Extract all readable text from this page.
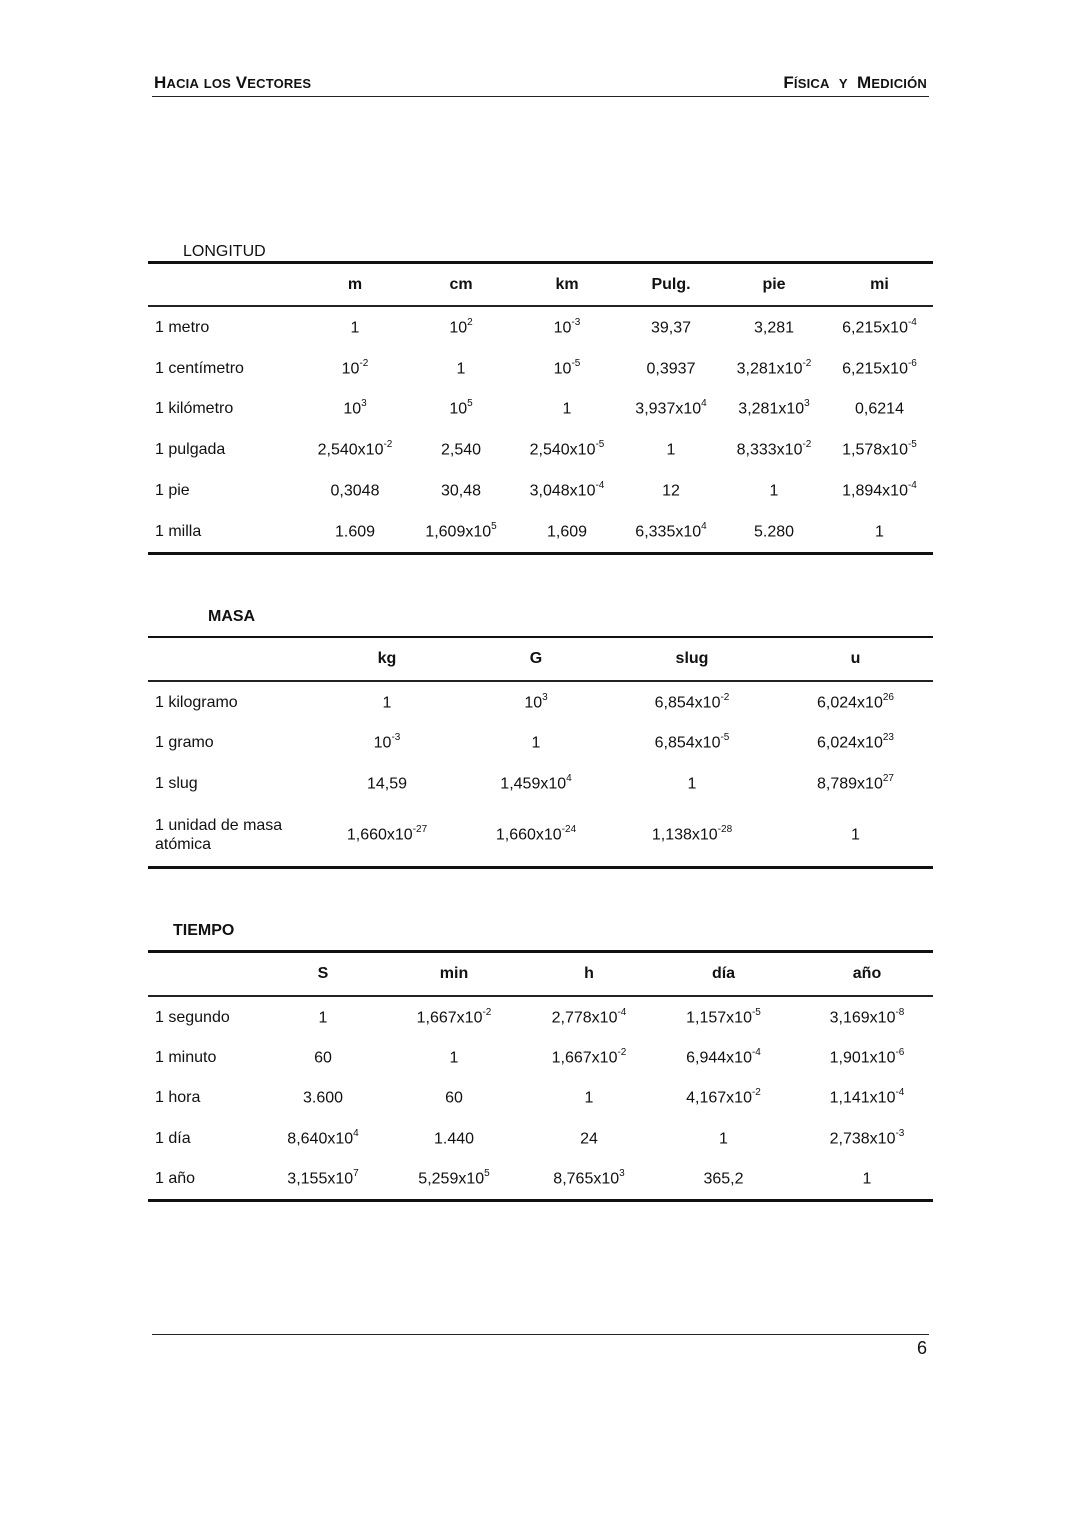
HACIA LOS VECTORES	FÍSICA Y MEDICIÓN
LONGITUD
	m	cm	km	Pulg.	pie	mi
1 metro	1	$10^2$	$10^{-3}$	39,37	3,281	$6,215x10^{-4}$
1 centímetro	$10^{-2}$	1	$10^{-5}$	0,3937	$3,281x10^{-2}$	$6,215x10^{-6}$
1 kilómetro	$10^3$	$10^5$	1	$3,937x10^4$	$3,281x10^3$	0,6214
1 pulgada	$2,540x10^{-2}$	2,540	$2,540x10^{-5}$	1	$8,333x10^{-2}$	$1,578x10^{-5}$
1 pie	0,3048	30,48	$3,048x10^{-4}$	12	1	$1,894x10^{-4}$
1 milla	1.609	$1,609x10^5$	1,609	$6,335x10^4$	5.280	1
MASA
	kg	G	slug	u
1 kilogramo	1	$10^3$	$6,854x10^{-2}$	$6,024x10^{26}$
1 gramo	$10^{-3}$	1	$6,854x10^{-5}$	$6,024x10^{23}$
1 slug	14,59	$1,459x10^4$	1	$8,789x10^{27}$
1 unidad de masa atómica	$1,660x10^{-27}$	$1,660x10^{-24}$	$1,138x10^{-28}$	1
TIEMPO
	S	min	h	día	año
1 segundo	1	$1,667x10^{-2}$	$2,778x10^{-4}$	$1,157x10^{-5}$	$3,169x10^{-8}$
1 minuto	60	1	$1,667x10^{-2}$	$6,944x10^{-4}$	$1,901x10^{-6}$
1 hora	3.600	60	1	$4,167x10^{-2}$	$1,141x10^{-4}$
1 día	$8,640x10^4$	1.440	24	1	$2,738x10^{-3}$
1 año	$3,155x10^7$	$5,259x10^5$	$8,765x10^3$	365,2	1
6
